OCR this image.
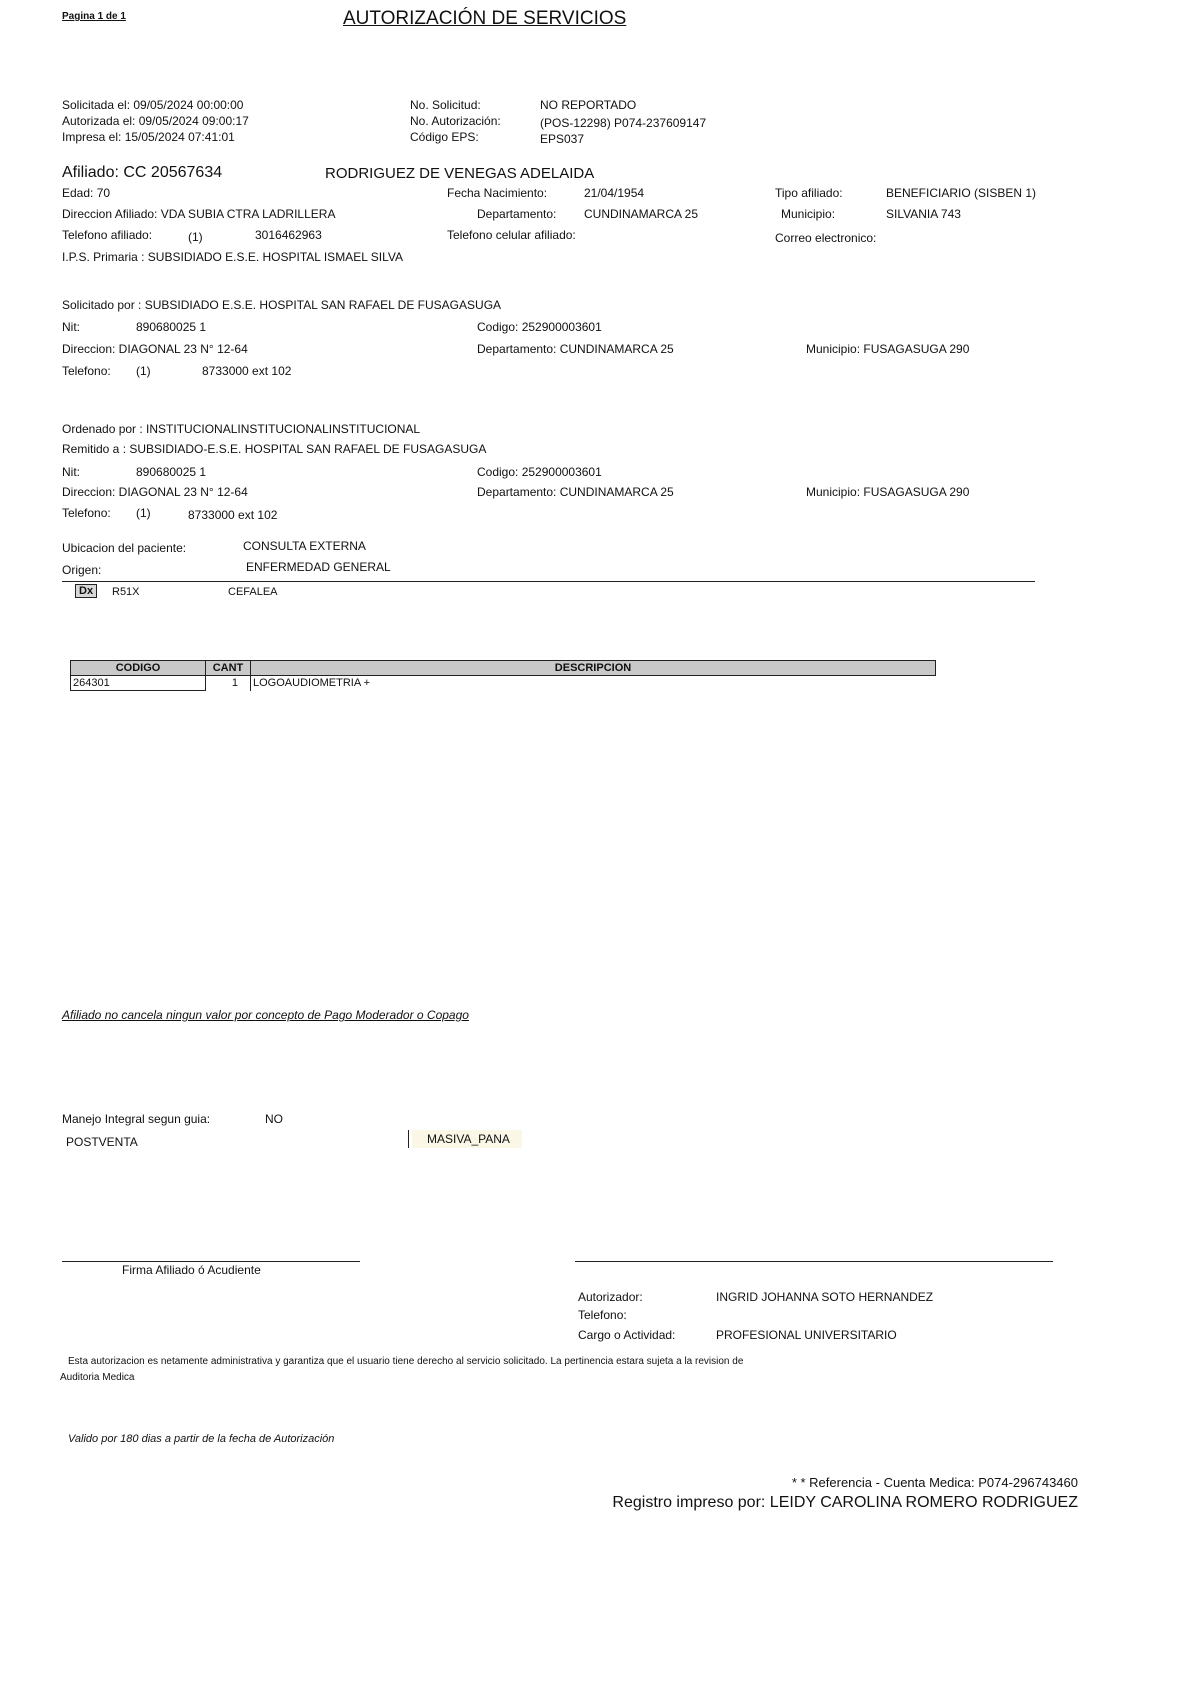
Pagina 1 de 1	AUTORIZACIÓN DE SERVICIOS
Solicitada el: 09/05/2024 00:00:00
Autorizada el: 09/05/2024 09:00:17
Impresa el: 15/05/2024 07:41:01
No. Solicitud:	NO REPORTADO
No. Autorización:	(POS-12298) P074-237609147
Código EPS:	EPS037
Afiliado: CC 20567634	RODRIGUEZ DE VENEGAS ADELAIDA
Edad: 70	Fecha Nacimiento:	21/04/1954	Tipo afiliado:	BENEFICIARIO (SISBEN 1)
Direccion Afiliado: VDA SUBIA CTRA LADRILLERA	Departamento: CUNDINAMARCA 25	Municipio:	SILVANIA 743
Telefono afiliado:	(1)	3016462963	Telefono celular afiliado:	Correo electronico:
I.P.S. Primaria : SUBSIDIADO E.S.E. HOSPITAL ISMAEL SILVA
Solicitado por : SUBSIDIADO E.S.E. HOSPITAL SAN RAFAEL DE FUSAGASUGA
Nit:	890680025 1	Codigo: 252900003601
Direccion: DIAGONAL 23 N° 12-64	Departamento: CUNDINAMARCA 25	Municipio: FUSAGASUGA 290
Telefono: (1)	8733000 ext 102
Ordenado por : INSTITUCIONALINSTITUCIONALINSTITUCIONAL
Remitido a : SUBSIDIADO-E.S.E. HOSPITAL SAN RAFAEL DE FUSAGASUGA
Nit:	890680025 1	Codigo: 252900003601
Direccion: DIAGONAL 23 N° 12-64	Departamento: CUNDINAMARCA 25	Municipio: FUSAGASUGA 290
Telefono: (1)	8733000 ext 102
Ubicacion del paciente:	CONSULTA EXTERNA
Origen:	ENFERMEDAD GENERAL
Dx	R51X	CEFALEA
CODIGO	CANT	DESCRIPCION
264301	1	LOGOAUDIOMETRIA +
Afiliado no cancela ningun valor por concepto de Pago Moderador o Copago
Manejo Integral segun guia:	NO
POSTVENTA	MASIVA_PANA
Firma Afiliado ó Acudiente
Autorizador:	INGRID JOHANNA SOTO HERNANDEZ
Telefono:
Cargo o Actividad:	PROFESIONAL UNIVERSITARIO
Esta autorizacion es netamente administrativa y garantiza que el usuario tiene derecho al servicio solicitado. La pertinencia estara sujeta a la revision de
Auditoria Medica
Valido por 180 dias a partir de la fecha de Autorización
* * Referencia - Cuenta Medica: P074-296743460
Registro impreso por: LEIDY CAROLINA ROMERO RODRIGUEZ
